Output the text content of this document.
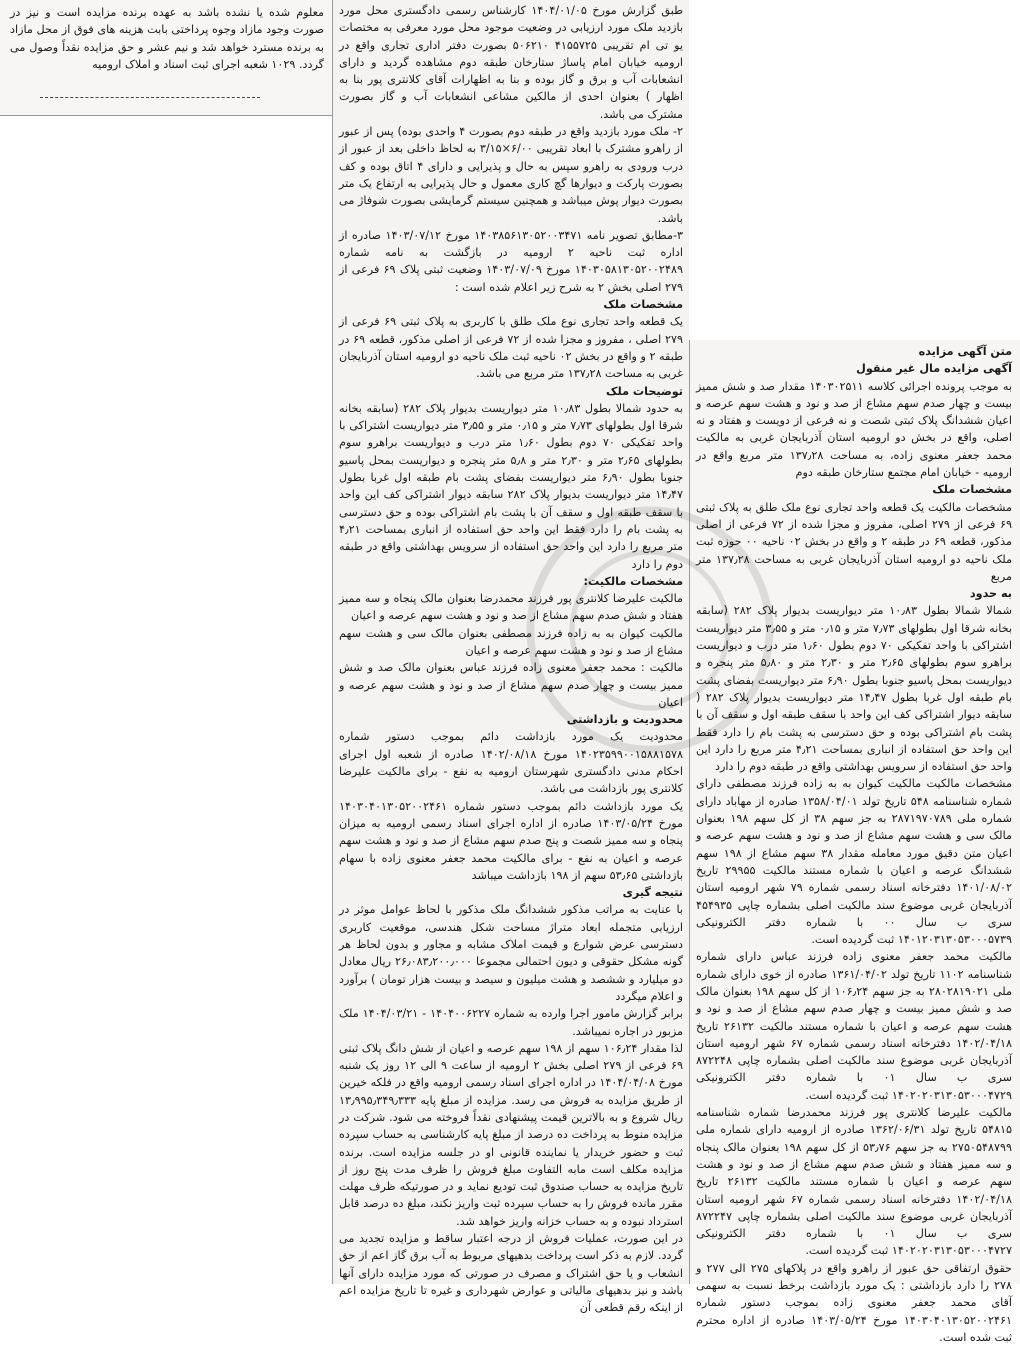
معلوم شده یا نشده باشد به عهده برنده مزایده است و نیز در صورت وجود مازاد وجوه پرداختی بابت هزینه های فوق از محل مازاد به برنده مسترد خواهد شد و نیم عشر و حق مزایده نقداً وصول می گردد. ۱۰۲۹ شعبه اجرای ثبت اسناد و املاک ارومیه

طبق گزارش مورخ ۱۴۰۴/۰۱/۰۵ کارشناس رسمی دادگستری محل مورد بازدید ملک مورد ارزیابی در وضعیت موجود محل مورد معرفی به مختصات یو تی ام تقریبی ۴۱۵۵۷۲۵ ۵۰۶۲۱۰ بصورت دفتر اداری تجاری واقع در ارومیه خیابان امام پاساژ ستارخان طبقه دوم مشاهده گردید و دارای انشعابات آب و برق و گاز بوده و بنا به اظهارات آقای کلانتری پور بنا به اظهار ) بعنوان احدی از مالکین مشاعی انشعابات آب و گاز بصورت مشترک می باشد.

۲- ملک مورد بازدید واقع در طبقه دوم بصورت ۴ واحدی بوده) پس از عبور از راهرو مشترک با ابعاد تقریبی ۶/۰۰×۳/۱۵ به لحاظ داخلی بعد از عبور از درب ورودی به راهرو سپس به حال و پذیرایی و دارای ۴ اتاق بوده و کف بصورت پارکت و دیوارها گچ کاری معمول و حال پذیرایی به ارتفاع یک متر بصورت دیوار پوش میباشد و همچنین سیستم گرمایشی بصورت شوفاژ می باشد.

۳-مطابق تصویر نامه ۱۴۰۳۸۵۶۱۳۰۵۲۰۰۳۴۷۱ مورخ ۱۴۰۳/۰۷/۱۲ صادره از اداره ثبت ناحیه ۲ ارومیه در بازگشت به نامه شماره ۱۴۰۳۰۵۸۱۳۰۵۲۰۰۲۴۸۹ مورخ ۱۴۰۳/۰۷/۰۹ وضعیت ثبتی پلاک ۶۹ فرعی از ۲۷۹ اصلی بخش ۲ به شرح زیر اعلام شده است :

مشخصات ملک

یک قطعه واحد تجاری نوع ملک طلق با کاربری به پلاک ثبتی ۶۹ فرعی از ۲۷۹ اصلی ، مفروز و مجزا شده از ۷۲ فرعی از اصلی مذکور، قطعه ۶۹ در طبقه ۲ و واقع در بخش ۰۲ ناحیه ثبت ملک ناحیه دو ارومیه استان آذربایجان غربی به مساحت ۱۳۷٫۲۸ متر مربع می باشد.

توضیحات ملک

به حدود شمالا بطول ۱۰٫۸۳ متر دیواریست بدیوار پلاک ۲۸۲ (سابقه بخانه شرقا اول بطولهای ۷٫۷۳ متر و ۰٫۱۵ متر و ۳٫۵۵ متر دیواریست اشتراکی با واحد تفکیکی ۷۰ دوم بطول ۱٫۶۰ متر درب و دیواریست براهرو سوم بطولهای ۲٫۶۵ متر و ۲٫۳۰ متر و ۵٫۸ متر پنجره و دیواریست بمحل پاسیو جنوبا بطول ۶٫۹۰ متر دیواریست بفضای پشت بام طبقه اول غربا بطول ۱۴٫۴۷ متر دیواریست بدیوار پلاک ۲۸۲ سابقه دیوار اشتراکی کف این واحد با سقف طبقه اول و سقف آن با پشت بام اشتراکی بوده و حق دسترسی به پشت بام را دارد فقط این واحد حق استفاده از انباری بمساحت ۴٫۲۱ متر مربع را دارد این واحد حق استفاده از سرویس بهداشتی واقع در طبقه دوم را دارد

مشخصات مالکیت:

مالکیت علیرضا کلانتری پور فرزند محمدرضا بعنوان مالک پنجاه و سه ممیز هفتاد و شش صدم سهم مشاع از صد و نود و هشت سهم عرصه و اعیان

مالکیت کیوان به به زاده فرزند مصطفی بعنوان مالک سی و هشت سهم مشاع از صد و نود و هشت سهم عرصه و اعیان

مالکیت : محمد جعفر معنوی زاده فرزند عباس بعنوان مالک صد و شش ممیز بیست و چهار صدم سهم مشاع از صد و نود و هشت سهم عرصه و اعیان

محدودیت و بازداشتی

محدودیت یک مورد بازداشت دائم بموجب دستور شماره ۱۴۰۲۳۵۹۹۰۰۱۵۸۸۱۵۷۸ مورخ ۱۴۰۲/۰۸/۱۸ صادره از شعبه اول اجرای احکام مدنی دادگستری شهرستان ارومیه به نفع - برای مالکیت علیرضا کلانتری پور بازداشت می باشد.

یک مورد بازداشت دائم بموجب دستور شماره ۱۴۰۳۰۴۰۱۳۰۵۲۰۰۲۴۶۱ مورخ ۱۴۰۳/۰۵/۲۴ صادره از اداره اجرای اسناد رسمی ارومیه به میزان پنجاه و سه ممیز شصت و پنج صدم سهم مشاع از صد و نود و هشت سهم عرصه و اعیان به نفع - برای مالکیت محمد جعفر معنوی زاده با سهام بازداشتی ۵۳٫۶۵ سهم از ۱۹۸ بازداشت میباشد

نتیجه گیری

با عنایت به مراتب مذکور ششدانگ ملک مذکور با لحاظ عوامل موثر در ارزیابی متجمله ابعاد متراژ مساحت شکل هندسی، موقعیت کاربری دسترسی عرض شوارع و قیمت املاک مشابه و مجاور و بدون لحاظ هر گونه مشکل حقوقی و دیون احتمالی مجموعا ۲۶٫۰۸۳٫۲۰۰٫۰۰۰ ریال معادل دو میلیارد و ششصد و هشت میلیون و سیصد و بیست هزار تومان ) برآورد و اعلام میگردد

برابر گزارش مامور اجرا وارده به شماره ۱۴۰۴۰۰۶۲۲۷ - ۱۴۰۴/۰۳/۲۱ ملک مزبور در اجاره نمیباشد.

لذا مقدار ۱۰۶٫۲۴ سهم از ۱۹۸ سهم عرصه و اعیان از شش دانگ پلاک ثبتی ۶۹ فرعی از ۲۷۹ اصلی بخش ۲ ارومیه از ساعت ۹ الی ۱۲ روز یک شنبه مورخ ۱۴۰۴/۰۴/۰۸ در اداره اجرای اسناد رسمی ارومیه واقع در فلکه خیرین از طریق مزایده به فروش می رسد. مزایده از مبلغ پایه ۱۳٫۹۹۵٫۳۴۹٫۳۳۳ ریال شروع و به بالاترین قیمت پیشنهادی نقداً فروخته می شود. شرکت در مزایده منوط به پرداخت ده درصد از مبلغ پایه کارشناسی به حساب سپرده ثبت و حضور خریدار یا نماینده قانونی او در جلسه مزایده است. برنده مزایده مکلف است مابه التفاوت مبلغ فروش را ظرف مدت پنج روز از تاریخ مزایده به حساب صندوق ثبت تودیع نماید و در صورتیکه ظرف مهلت مقرر مانده فروش را به حساب سپرده ثبت واریز نکند، مبلغ ده درصد قابل استرداد نبوده و به حساب خزانه واریز خواهد شد.

در این صورت، عملیات فروش از درجه اعتبار ساقط و مزایده تجدید می گردد. لازم به ذکر است پرداخت بدهیهای مربوط به آب برق گاز اعم از حق انشعاب و یا حق اشتراک و مصرف در صورتی که مورد مزایده دارای آنها باشد و نیز بدهیهای مالیاتی و عوارض شهرداری و غیره تا تاریخ مزایده اعم از اینکه رقم قطعی آن

متن آگهی مزایده

آگهی مزایده مال غیر منقول

به موجب پرونده اجرائی کلاسه ۱۴۰۳۰۲۵۱۱ مقدار صد و شش ممیز بیست و چهار صدم سهم مشاع از صد و نود و هشت سهم عرصه و اعیان ششدانگ پلاک ثبتی شصت و نه فرعی از دویست و هفتاد و نه اصلی، واقع در بخش دو ارومیه استان آذربایجان غربی به مالکیت محمد جعفر معنوی زاده، به مساحت ۱۳۷٫۲۸ متر مربع واقع در ارومیه - خیابان امام مجتمع ستارخان طبقه دوم

مشخصات ملک

مشخصات مالکیت یک قطعه واحد تجاری نوع ملک طلق به پلاک ثبتی ۶۹ فرعی از ۲۷۹ اصلی، مفروز و مجزا شده از ۷۲ فرعی از اصلی مذکور، قطعه ۶۹ در طبقه ۲ و واقع در بخش ۰۲ ناحیه ۰۰ حوزه ثبت ملک ناحیه دو ارومیه استان آذربایجان غربی به مساحت ۱۳۷٫۲۸ متر مربع

به حدود

شمالا شمالا بطول ۱۰٫۸۳ متر دیواریست بدیوار پلاک ۲۸۲ (سابقه بخانه شرقا اول بطولهای ۷٫۷۳ متر و ۰٫۱۵ متر و ۳٫۵۵ متر دیواریست اشتراکی با واحد تفکیکی ۷۰ دوم بطول ۱٫۶۰ متر درب و دیواریست براهرو سوم بطولهای ۲٫۶۵ متر و ۲٫۳۰ متر و ۵٫۸۰ متر پنجره و دیواریست بمحل پاسیو جنوبا بطول ۶٫۹۰ متر دیواریست بفضای پشت بام طبقه اول غربا بطول ۱۴٫۴۷ متر دیواریست بدیوار پلاک ۲۸۲ ( سابقه دیوار اشتراکی کف این واحد با سقف طبقه اول و سقف آن با پشت بام اشتراکی بوده و حق دسترسی به پشت بام را دارد فقط این واحد حق استفاده از انباری بمساحت ۴٫۲۱ متر مربع را دارد این واحد حق استفاده از سرویس بهداشتی واقع در طبقه دوم را دارد

مشخصات مالکیت مالکیت کیوان به به زاده فرزند مصطفی دارای شماره شناسنامه ۵۴۸ تاریخ تولد ۱۳۵۸/۰۴/۰۱ صادره از مهاباد دارای شماره ملی ۲۸۷۱۹۷۰۷۸۹ به جز سهم ۳۸ از کل سهم ۱۹۸ بعنوان مالک سی و هشت سهم مشاع از صد و نود و هشت سهم عرصه و اعیان متن دقیق مورد معامله مقدار ۳۸ سهم مشاع از ۱۹۸ سهم ششدانگ عرصه و اعیان با شماره مستند مالکیت ۲۹۹۵۵ تاریخ ۱۴۰۱/۰۸/۰۲ دفترخانه اسناد رسمی شماره ۷۹ شهر ارومیه استان آذربایجان غربی موضوع سند مالکیت اصلی بشماره چاپی ۴۵۴۹۳۵ سری ب سال ۰۰ با شماره دفتر الکترونیکی ۱۴۰۱۲۰۳۱۳۰۵۳۰۰۰۵۷۳۹ ثبت گردیده است.

مالکیت محمد جعفر معنوی زاده فرزند عباس دارای شماره شناسنامه ۱۱۰۲ تاریخ تولد ۱۳۶۱/۰۴/۰۲ صادره از خوی دارای شماره ملی ۲۸۰۲۸۱۹۰۲۱ به جز سهم ۱۰۶٫۲۴ از کل سهم ۱۹۸ بعنوان مالک صد و شش ممیز بیست و چهار صدم سهم مشاع از صد و نود و هشت سهم عرصه و اعیان با شماره مستند مالکیت ۲۶۱۳۲ تاریخ ۱۴۰۲/۰۴/۱۸ دفترخانه اسناد رسمی شماره ۶۷ شهر ارومیه استان آذربایجان غربی موضوع سند مالکیت اصلی بشماره چاپی ۸۷۲۲۴۸ سری ب سال ۰۱ با شماره دفتر الکترونیکی ۱۴۰۲۰۲۰۳۱۳۰۵۳۰۰۰۴۷۲۹ ثبت گردیده است.

مالکیت علیرضا کلانتری پور فرزند محمدرضا شماره شناسنامه ۵۴۸۱۵ تاریخ تولد ۱۳۶۲/۰۶/۳۱ صادره از ارومیه دارای شماره ملی ۲۷۵۰۵۴۸۷۹۹ به جز سهم ۵۳٫۷۶ از کل سهم ۱۹۸ بعنوان مالک پنجاه و سه ممیز هفتاد و شش صدم سهم مشاع از صد و نود و هشت سهم عرصه و اعیان با شماره مستند مالکیت ۲۶۱۳۲ تاریخ ۱۴۰۲/۰۴/۱۸ دفترخانه اسناد رسمی شماره ۶۷ شهر ارومیه استان آذربایجان غربی موضوع سند مالکیت اصلی بشماره چاپی ۸۷۲۲۴۷ سری ب سال ۰۱ با شماره دفتر الکترونیکی ۱۴۰۲۰۲۰۳۱۳۰۵۳۰۰۰۴۷۲۷ ثبت گردیده است.

حقوق ارتفاقی حق عبور از راهرو واقع در پلاکهای ۲۷۵ الی ۲۷۷ و ۲۷۸ را دارد بازداشتی : یک مورد بازداشت برخط نسبت به سهمی آقای محمد جعفر معنوی زاده بموجب دستور شماره ۱۴۰۳۰۴۰۱۳۰۵۲۰۰۲۴۶۱ مورخ ۱۴۰۳/۰۵/۲۴ صادره از اداره محترم ثبت شده است.
